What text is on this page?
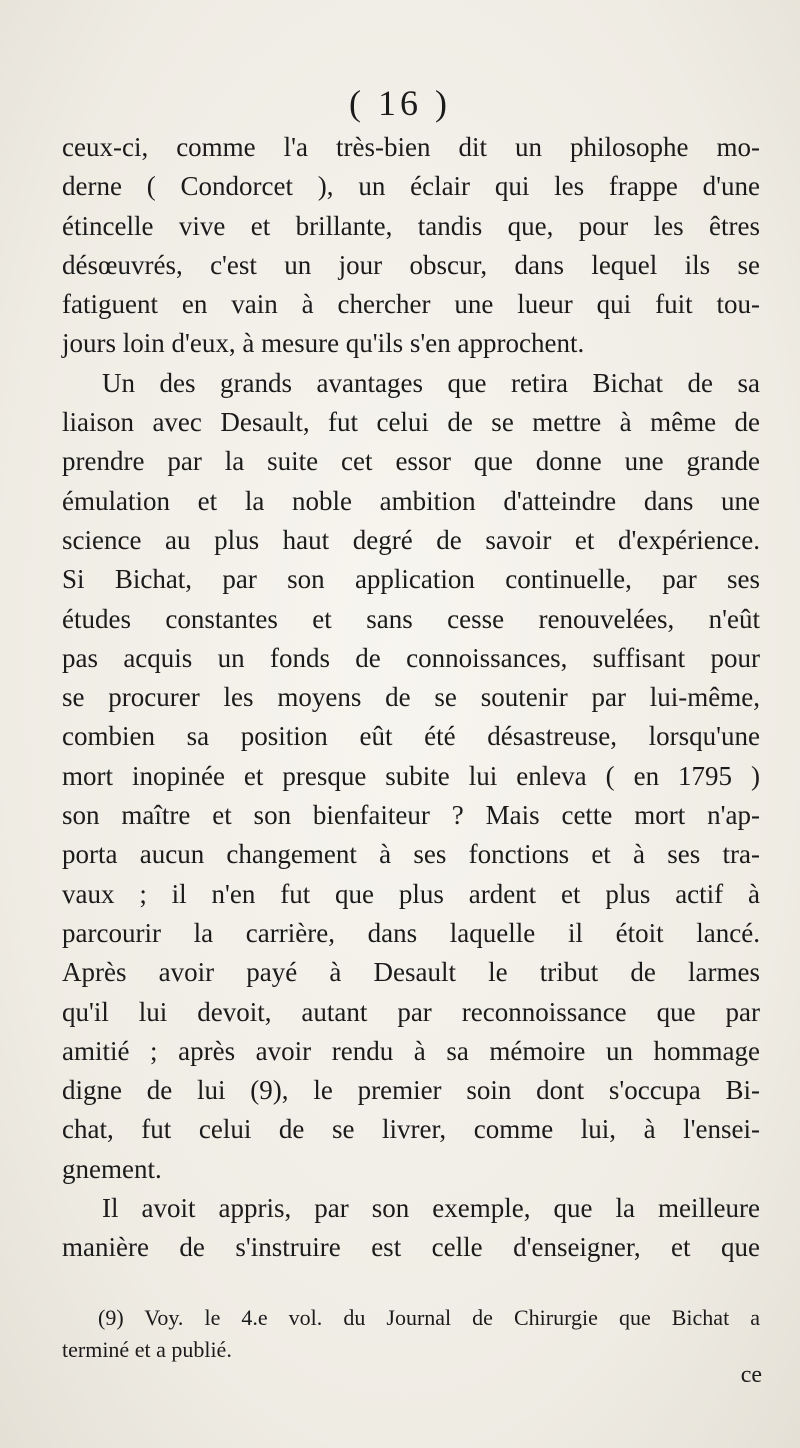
( 16 )
ceux-ci, comme l'a très-bien dit un philosophe mo-
derne ( Condorcet ), un éclair qui les frappe d'une
étincelle vive et brillante, tandis que, pour les êtres
désœuvrés, c'est un jour obscur, dans lequel ils se
fatiguent en vain à chercher une lueur qui fuit tou-
jours loin d'eux, à mesure qu'ils s'en approchent.
Un des grands avantages que retira Bichat de sa
liaison avec Desault, fut celui de se mettre à même de
prendre par la suite cet essor que donne une grande
émulation et la noble ambition d'atteindre dans une
science au plus haut degré de savoir et d'expérience.
Si Bichat, par son application continuelle, par ses
études constantes et sans cesse renouvelées, n'eût
pas acquis un fonds de connoissances, suffisant pour
se procurer les moyens de se soutenir par lui-même,
combien sa position eût été désastreuse, lorsqu'une
mort inopinée et presque subite lui enleva ( en 1795 )
son maître et son bienfaiteur ? Mais cette mort n'ap-
porta aucun changement à ses fonctions et à ses tra-
vaux ; il n'en fut que plus ardent et plus actif à
parcourir la carrière, dans laquelle il étoit lancé.
Après avoir payé à Desault le tribut de larmes
qu'il lui devoit, autant par reconnoissance que par
amitié ; après avoir rendu à sa mémoire un hommage
digne de lui (9), le premier soin dont s'occupa Bi-
chat, fut celui de se livrer, comme lui, à l'ensei-
gnement.
Il avoit appris, par son exemple, que la meilleure
manière de s'instruire est celle d'enseigner, et que
(9) Voy. le 4.e vol. du Journal de Chirurgie que Bichat a
terminé et a publié.
ce
